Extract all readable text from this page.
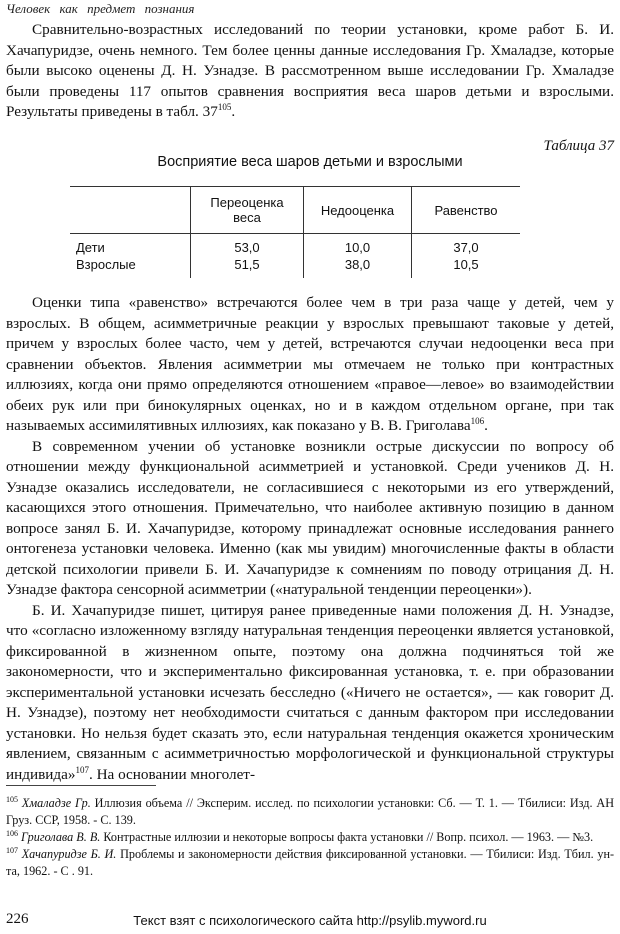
Человек как предмет познания

Сравнительно-возрастных исследований по теории установки, кроме работ Б. И. Хачапуридзе, очень немного. Тем более ценны данные исследования Гр. Хмаладзе, которые были высоко оценены Д. Н. Узнадзе. В рассмотренном выше исследовании Гр. Хмаладзе были проведены 117 опытов сравнения восприятия веса шаров детьми и взрослыми. Результаты приведены в табл. $37^{105}$.

Таблица 37
Восприятие веса шаров детьми и взрослыми
	Переоценка веса	Недооценка	Равенство
Дети	53,0	10,0	37,0
Взрослые	51,5	38,0	10,5

Оценки типа «равенство» встречаются более чем в три раза чаще у детей, чем у взрослых. В общем, асимметричные реакции у взрослых превышают таковые у детей, причем у взрослых более часто, чем у детей, встречаются случаи недооценки веса при сравнении объектов. Явления асимметрии мы отмечаем не только при контрастных иллюзиях, когда они прямо определяются отношением «правое—левое» во взаимодействии обеих рук или при бинокулярных оценках, но и в каждом отдельном органе, при так называемых ассимилятивных иллюзиях, как показано у В. В. Григолава$^{106}$.

В современном учении об установке возникли острые дискуссии по вопросу об отношении между функциональной асимметрией и установкой. Среди учеников Д. Н. Узнадзе оказались исследователи, не согласившиеся с некоторыми из его утверждений, касающихся этого отношения. Примечательно, что наиболее активную позицию в данном вопросе занял Б. И. Хачапуридзе, которому принадлежат основные исследования раннего онтогенеза установки человека. Именно (как мы увидим) многочисленные факты в области детской психологии привели Б. И. Хачапуридзе к сомнениям по поводу отрицания Д. Н. Узнадзе фактора сенсорной асимметрии («натуральной тенденции переоценки»).

Б. И. Хачапуридзе пишет, цитируя ранее приведенные нами положения Д. Н. Узнадзе, что «согласно изложенному взгляду натуральная тенденция переоценки является установкой, фиксированной в жизненном опыте, поэтому она должна подчиняться той же закономерности, что и экспериментально фиксированная установка, т. е. при образовании экспериментальной установки исчезать бесследно («Ничего не остается», — как говорит Д. Н. Узнадзе), поэтому нет необходимости считаться с данным фактором при исследовании установки. Но нельзя будет сказать это, если натуральная тенденция окажется хроническим явлением, связанным с асимметричностью морфологической и функциональной структуры индивида»$^{107}$. На основании многолет-

$^{105}$ Хмаладзе Гр. Иллюзия объема // Эксперим. исслед. по психологии установки: Сб. — Т. 1. — Тбилиси: Изд. АН Груз. ССР, 1958. - С. 139.

$^{106}$ Григолава В. В. Контрастные иллюзии и некоторые вопросы факта установки // Вопр. психол. — 1963. — №3.

$^{107}$ Хачапуридзе Б. И. Проблемы и закономерности действия фиксированной установки. — Тбилиси: Изд. Тбил. ун-та, 1962. - С . 91.

226	Текст взят с психологического сайта http://psylib.myword.ru
